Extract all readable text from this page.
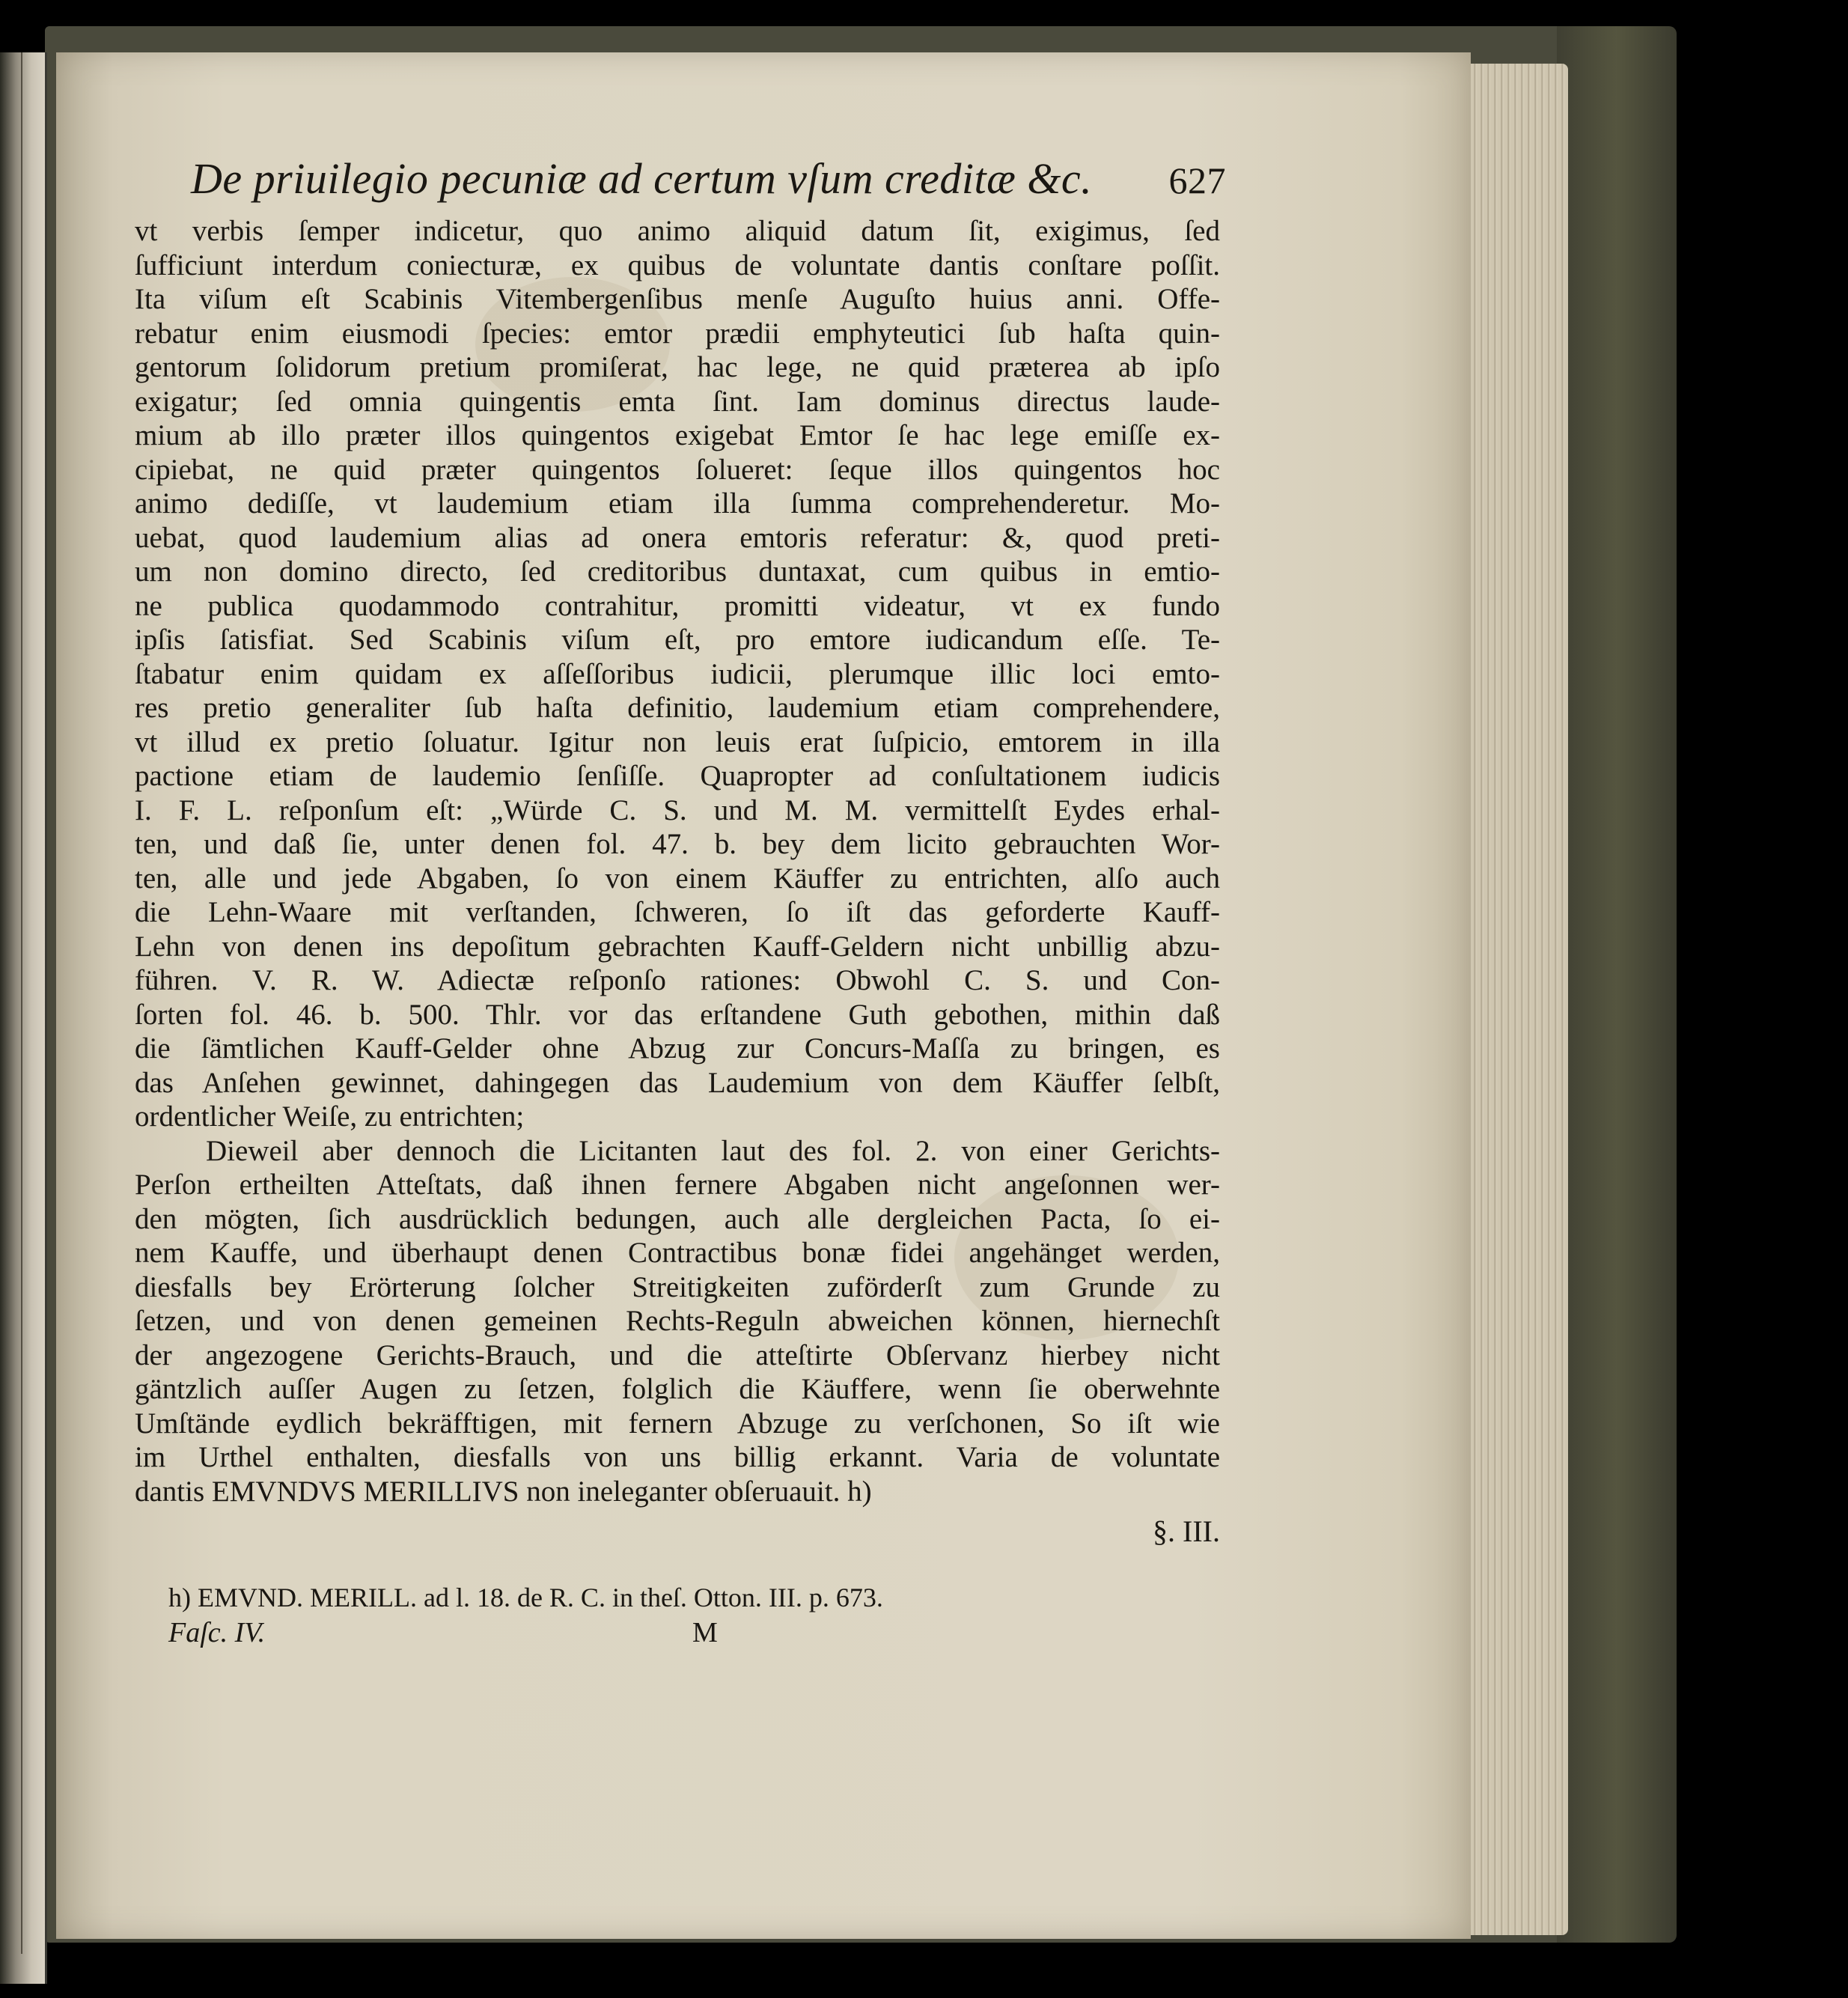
De priuilegio pecuniæ ad certum vſum creditæ &c. 627
vt verbis ſemper indicetur, quo animo aliquid datum ſit, exigimus, ſed
ſufficiunt interdum coniecturæ, ex quibus de voluntate dantis conſtare poſſit.
Ita viſum eſt Scabinis Vitembergenſibus menſe Auguſto huius anni. Offe-
rebatur enim eiusmodi ſpecies: emtor prædii emphyteutici ſub haſta quin-
gentorum ſolidorum pretium promiſerat, hac lege, ne quid præterea ab ipſo
exigatur; ſed omnia quingentis emta ſint. Iam dominus directus laude-
mium ab illo præter illos quingentos exigebat Emtor ſe hac lege emiſſe ex-
cipiebat, ne quid præter quingentos ſolueret: ſeque illos quingentos hoc
animo dediſſe, vt laudemium etiam illa ſumma comprehenderetur. Mo-
uebat, quod laudemium alias ad onera emtoris referatur: &, quod preti-
um non domino directo, ſed creditoribus duntaxat, cum quibus in emtio-
ne publica quodammodo contrahitur, promitti videatur, vt ex fundo
ipſis ſatisfiat. Sed Scabinis viſum eſt, pro emtore iudicandum eſſe. Te-
ſtabatur enim quidam ex aſſeſſoribus iudicii, plerumque illic loci emto-
res pretio generaliter ſub haſta definitio, laudemium etiam comprehendere,
vt illud ex pretio ſoluatur. Igitur non leuis erat ſuſpicio, emtorem in illa
pactione etiam de laudemio ſenſiſſe. Quapropter ad conſultationem iudicis
I. F. L. reſponſum eſt: „Würde C. S. und M. M. vermittelſt Eydes erhal-
ten, und daß ſie, unter denen fol. 47. b. bey dem licito gebrauchten Wor-
ten, alle und jede Abgaben, ſo von einem Käuffer zu entrichten, alſo auch
die Lehn-Waare mit verſtanden, ſchweren, ſo iſt das geforderte Kauff-
Lehn von denen ins depoſitum gebrachten Kauff-Geldern nicht unbillig abzu-
führen. V. R. W. Adiectæ reſponſo rationes: Obwohl C. S. und Con-
ſorten fol. 46. b. 500. Thlr. vor das erſtandene Guth gebothen, mithin daß
die ſämtlichen Kauff-Gelder ohne Abzug zur Concurs-Maſſa zu bringen, es
das Anſehen gewinnet, dahingegen das Laudemium von dem Käuffer ſelbſt,
ordentlicher Weiſe, zu entrichten;
Dieweil aber dennoch die Licitanten laut des fol. 2. von einer Gerichts-
Perſon ertheilten Atteſtats, daß ihnen fernere Abgaben nicht angeſonnen wer-
den mögten, ſich ausdrücklich bedungen, auch alle dergleichen Pacta, ſo ei-
nem Kauffe, und überhaupt denen Contractibus bonæ fidei angehänget werden,
diesfalls bey Erörterung ſolcher Streitigkeiten zuförderſt zum Grunde zu
ſetzen, und von denen gemeinen Rechts-Reguln abweichen können, hiernechſt
der angezogene Gerichts-Brauch, und die atteſtirte Obſervanz hierbey nicht
gäntzlich auſſer Augen zu ſetzen, folglich die Käuffere, wenn ſie oberwehnte
Umſtände eydlich bekräfftigen, mit fernern Abzuge zu verſchonen, So iſt wie
im Urthel enthalten, diesfalls von uns billig erkannt. Varia de voluntate
dantis EMVNDVS MERILLIVS non ineleganter obſeruauit. h)
§. III.
h) EMVND. MERILL. ad l. 18. de R. C. in theſ. Otton. III. p. 673.
Faſc. IV.	M
